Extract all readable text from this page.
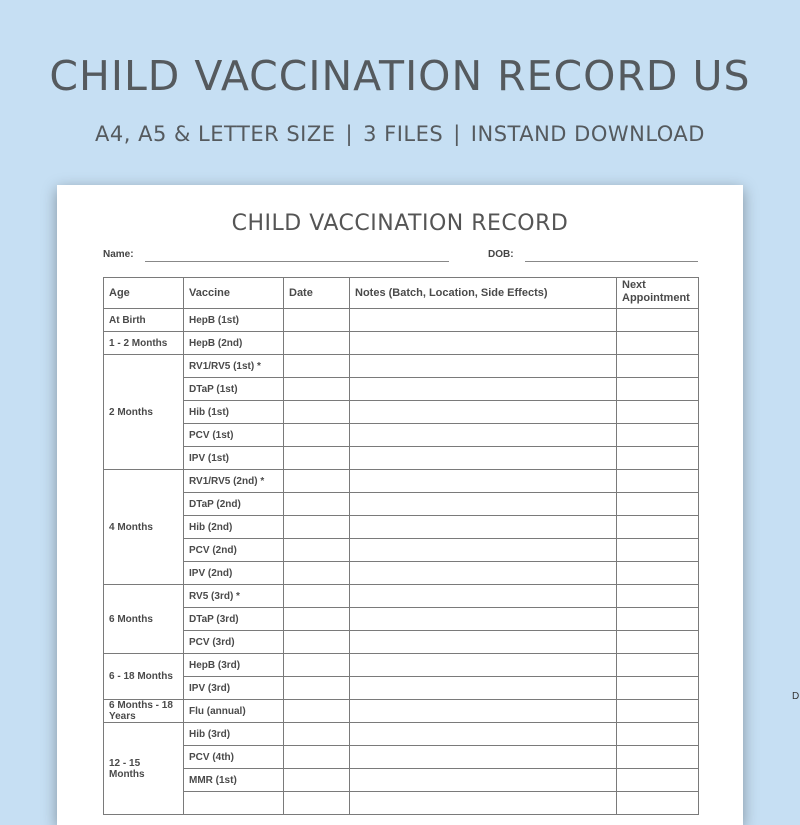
CHILD VACCINATION RECORD US
A4, A5 & LETTER SIZE | 3 FILES | INSTAND DOWNLOAD
D
CHILD VACCINATION RECORD
Name:	DOB:
Age	Vaccine	Date	Notes (Batch, Location, Side Effects)	Next Appointment
At Birth	HepB (1st)			
1 - 2 Months	HepB (2nd)			
2 Months	RV1/RV5 (1st) *			
	DTaP (1st)			
	Hib (1st)			
	PCV (1st)			
	IPV (1st)			
4 Months	RV1/RV5 (2nd) *			
	DTaP (2nd)			
	Hib (2nd)			
	PCV (2nd)			
	IPV (2nd)			
6 Months	RV5 (3rd) *			
	DTaP (3rd)			
	PCV (3rd)			
6 - 18 Months	HepB (3rd)			
	IPV (3rd)			
6 Months - 18 Years	Flu (annual)			
12 - 15 Months	Hib (3rd)			
	PCV (4th)			
	MMR (1st)			
